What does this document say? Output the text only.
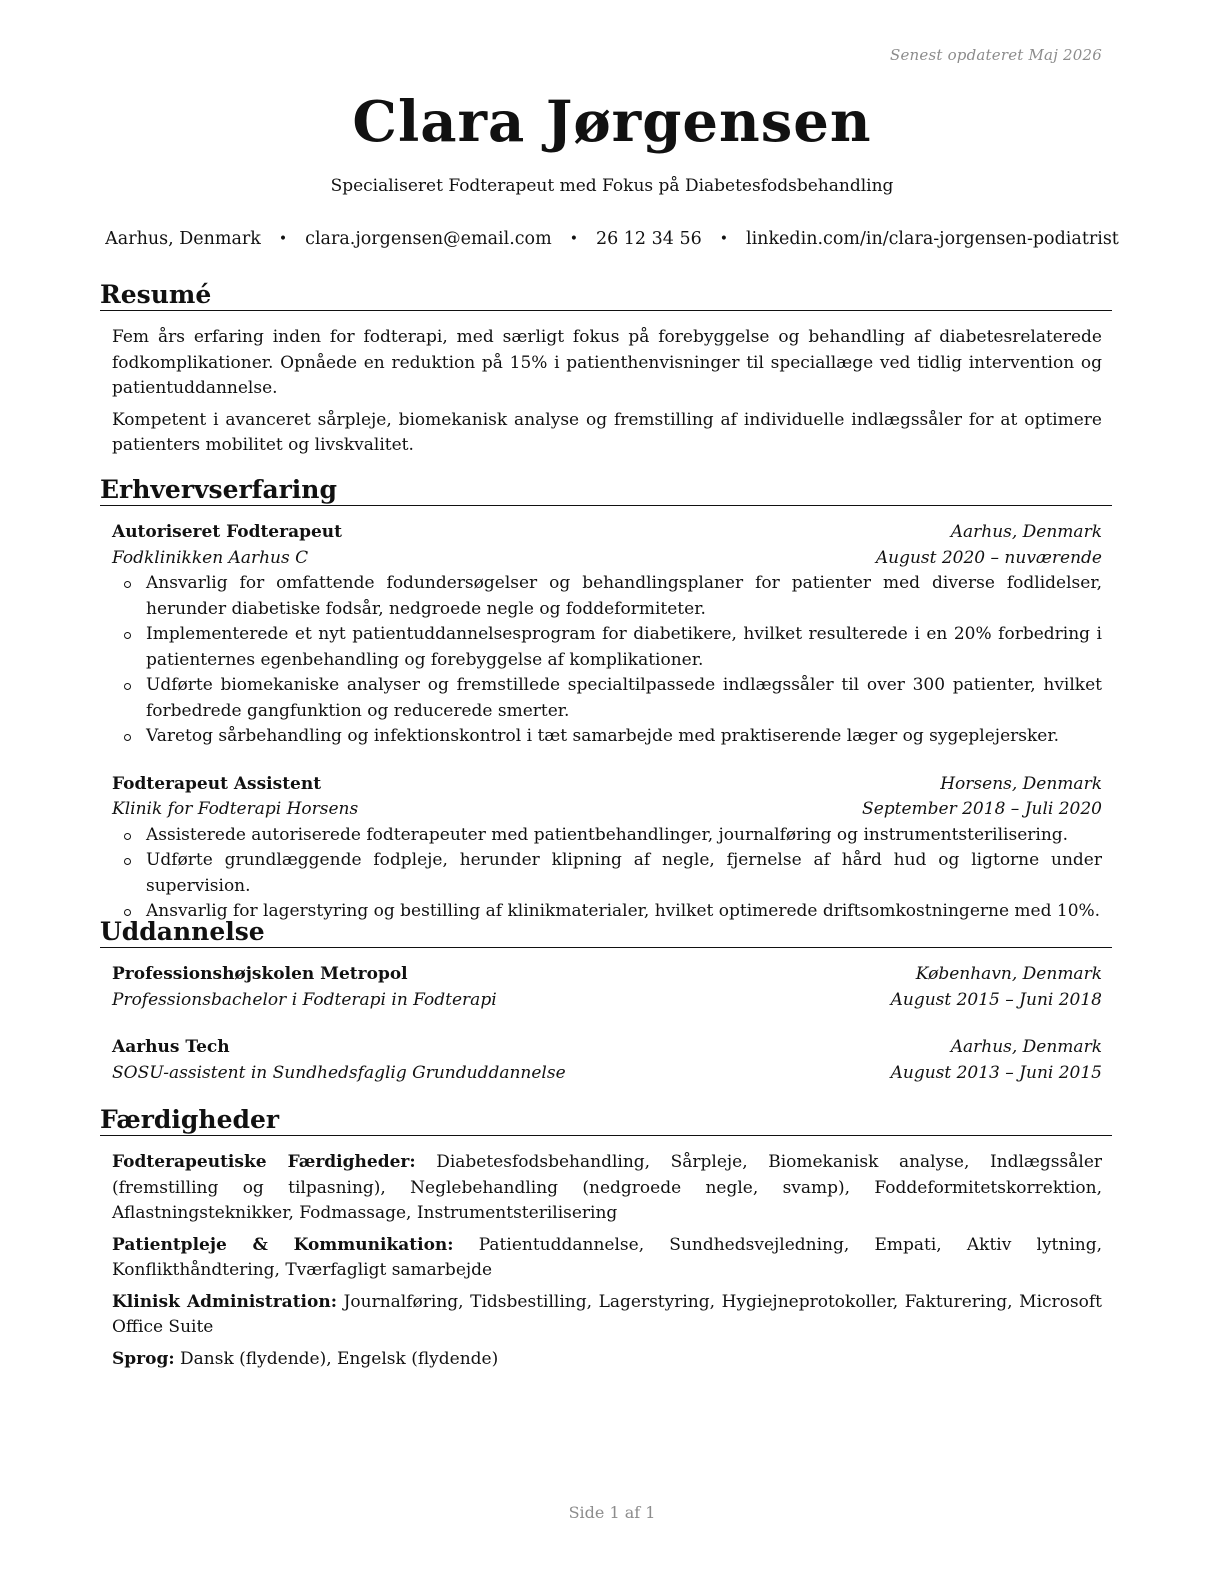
Senest opdateret Maj 2026
Clara Jørgensen
Specialiseret Fodterapeut med Fokus på Diabetesfodsbehandling
Aarhus, Denmark • clara.jorgensen@email.com • 26 12 34 56 • linkedin.com/in/clara-jorgensen-podiatrist
Resumé

Fem års erfaring inden for fodterapi, med særligt fokus på forebyggelse og behandling af diabetesrelaterede fodkomplikationer. Opnåede en reduktion på 15% i patienthenvisninger til speciallæge ved tidlig intervention og patientuddannelse.

Kompetent i avanceret sårpleje, biomekanisk analyse og fremstilling af individuelle indlægssåler for at optimere patienters mobilitet og livskvalitet.

Erhvervserfaring
Autoriseret Fodterapeut	Aarhus, Denmark
Fodklinikken Aarhus C	August 2020 – nuværende
Ansvarlig for omfattende fodundersøgelser og behandlingsplaner for patienter med diverse fodlidelser, herunder diabetiske fodsår, nedgroede negle og foddeformiteter.
Implementerede et nyt patientuddannelsesprogram for diabetikere, hvilket resulterede i en 20% forbedring i patienternes egenbehandling og forebyggelse af komplikationer.
Udførte biomekaniske analyser og fremstillede specialtilpassede indlægssåler til over 300 patienter, hvilket forbedrede gangfunktion og reducerede smerter.
Varetog sårbehandling og infektionskontrol i tæt samarbejde med praktiserende læger og sygeplejersker.
Fodterapeut Assistent	Horsens, Denmark
Klinik for Fodterapi Horsens	September 2018 – Juli 2020
Assisterede autoriserede fodterapeuter med patientbehandlinger, journalføring og instrumentsterilisering.
Udførte grundlæggende fodpleje, herunder klipning af negle, fjernelse af hård hud og ligtorne under supervision.
Ansvarlig for lagerstyring og bestilling af klinikmaterialer, hvilket optimerede driftsomkostningerne med 10%.
Uddannelse
Professionshøjskolen Metropol	København, Denmark
Professionsbachelor i Fodterapi in Fodterapi	August 2015 – Juni 2018
Aarhus Tech	Aarhus, Denmark
SOSU-assistent in Sundhedsfaglig Grunduddannelse	August 2013 – Juni 2015
Færdigheder
Fodterapeutiske Færdigheder: Diabetesfodsbehandling, Sårpleje, Biomekanisk analyse, Indlægssåler (fremstilling og tilpasning), Neglebehandling (nedgroede negle, svamp), Foddeformitetskorrektion, Aflastningsteknikker, Fodmassage, Instrumentsterilisering
Patientpleje & Kommunikation: Patientuddannelse, Sundhedsvejledning, Empati, Aktiv lytning, Konflikthåndtering, Tværfagligt samarbejde
Klinisk Administration: Journalføring, Tidsbestilling, Lagerstyring, Hygiejneprotokoller, Fakturering, Microsoft Office Suite
Sprog: Dansk (flydende), Engelsk (flydende)
Side 1 af 1
